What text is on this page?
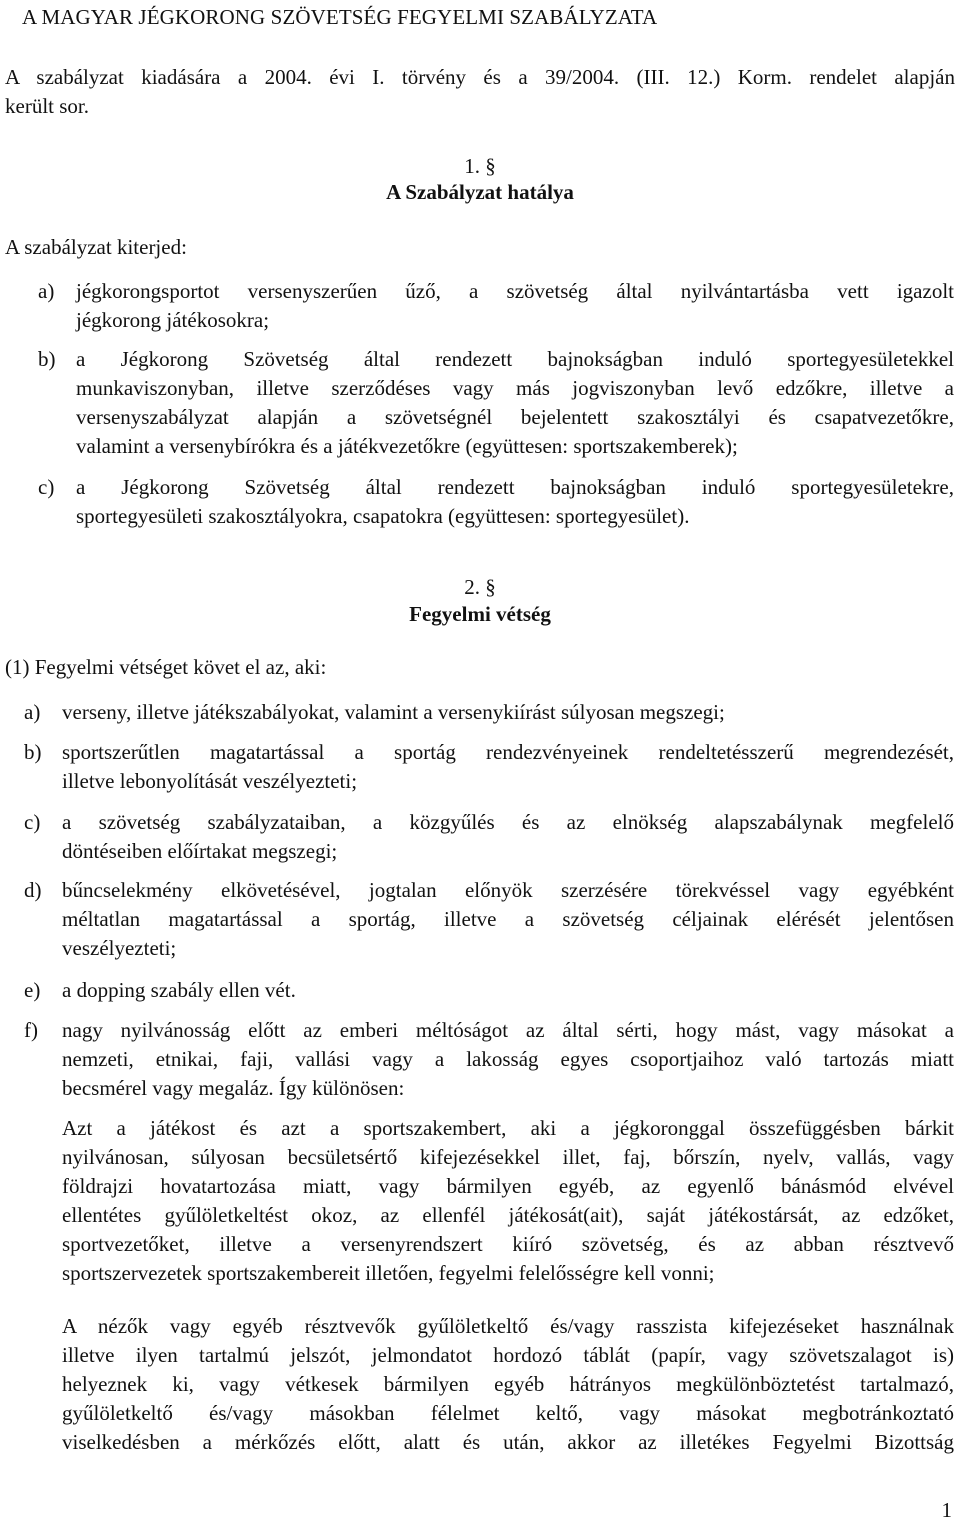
A MAGYAR JÉGKORONG SZÖVETSÉG FEGYELMI SZABÁLYZATA
A szabályzat kiadására a 2004. évi I. törvény és a 39/2004. (III. 12.) Korm. rendelet alapján
került sor.
1. §
A Szabályzat hatálya
A szabályzat kiterjed:
a) jégkorongsportot versenyszerűen űző, a szövetség által nyilvántartásba vett igazolt
jégkorong játékosokra;
b) a Jégkorong Szövetség által rendezett bajnokságban induló sportegyesületekkel
munkaviszonyban, illetve szerződéses vagy más jogviszonyban levő edzőkre, illetve a
versenyszabályzat alapján a szövetségnél bejelentett szakosztályi és csapatvezetőkre,
valamint a versenybírókra és a játékvezetőkre (együttesen: sportszakemberek);
c) a Jégkorong Szövetség által rendezett bajnokságban induló sportegyesületekre,
sportegyesületi szakosztályokra, csapatokra (együttesen: sportegyesület).
2. §
Fegyelmi vétség
(1) Fegyelmi vétséget követ el az, aki:
a) verseny, illetve játékszabályokat, valamint a versenykiírást súlyosan megszegi;
b) sportszerűtlen magatartással a sportág rendezvényeinek rendeltetésszerű megrendezését,
illetve lebonyolítását veszélyezteti;
c) a szövetség szabályzataiban, a közgyűlés és az elnökség alapszabálynak megfelelő
döntéseiben előírtakat megszegi;
d) bűncselekmény elkövetésével, jogtalan előnyök szerzésére törekvéssel vagy egyébként
méltatlan magatartással a sportág, illetve a szövetség céljainak elérését jelentősen
veszélyezteti;
e) a dopping szabály ellen vét.
f) nagy nyilvánosság előtt az emberi méltóságot az által sérti, hogy mást, vagy másokat a
nemzeti, etnikai, faji, vallási vagy a lakosság egyes csoportjaihoz való tartozás miatt
becsmérel vagy megaláz. Így különösen:
Azt a játékost és azt a sportszakembert, aki a jégkoronggal összefüggésben bárkit
nyilvánosan, súlyosan becsületsértő kifejezésekkel illet, faj, bőrszín, nyelv, vallás, vagy
földrajzi hovatartozása miatt, vagy bármilyen egyéb, az egyenlő bánásmód elvével
ellentétes gyűlöletkeltést okoz, az ellenfél játékosát(ait), saját játékostársát, az edzőket,
sportvezetőket, illetve a versenyrendszert kiíró szövetség, és az abban résztvevő
sportszervezetek sportszakembereit illetően, fegyelmi felelősségre kell vonni;
A nézők vagy egyéb résztvevők gyűlöletkeltő és/vagy rasszista kifejezéseket használnak
illetve ilyen tartalmú jelszót, jelmondatot hordozó táblát (papír, vagy szövetszalagot is)
helyeznek ki, vagy vétkesek bármilyen egyéb hátrányos megkülönböztetést tartalmazó,
gyűlöletkeltő és/vagy másokban félelmet keltő, vagy másokat megbotránkoztató
viselkedésben a mérkőzés előtt, alatt és után, akkor az illetékes Fegyelmi Bizottság
1
